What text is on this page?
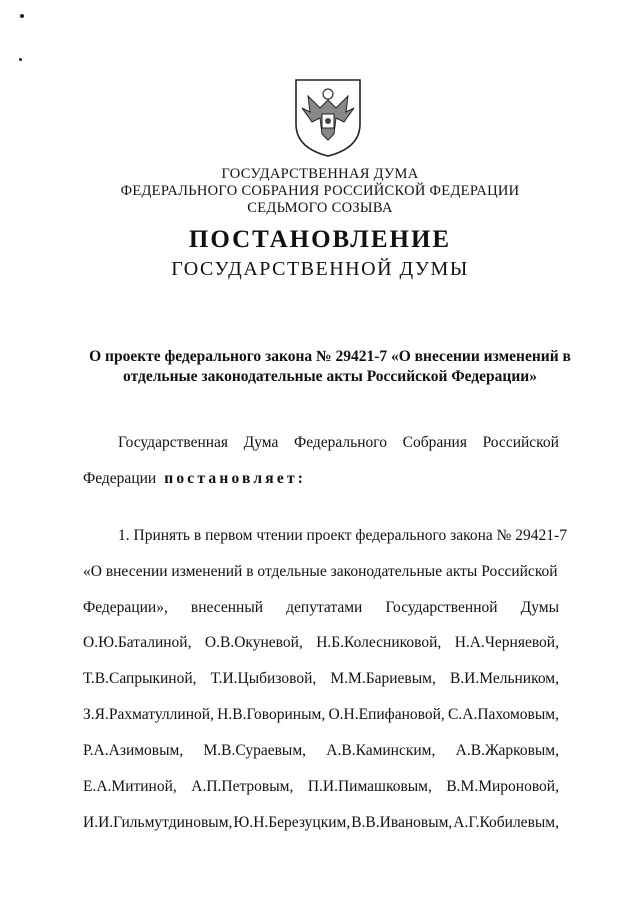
ГОСУДАРСТВЕННАЯ ДУМА
ФЕДЕРАЛЬНОГО СОБРАНИЯ РОССИЙСКОЙ ФЕДЕРАЦИИ
СЕДЬМОГО СОЗЫВА
ПОСТАНОВЛЕНИЕ
ГОСУДАРСТВЕННОЙ ДУМЫ
О проекте федерального закона № 29421-7 «О внесении изменений в
отдельные законодательные акты Российской Федерации»
Государственная Дума Федерального Собрания Российской
Федерации постановляет:
1. Принять в первом чтении проект федерального закона № 29421-7
«О внесении изменений в отдельные законодательные акты Российской
Федерации», внесенный депутатами Государственной Думы
О.Ю.Баталиной, О.В.Окуневой, Н.Б.Колесниковой, Н.А.Черняевой,
Т.В.Сапрыкиной, Т.И.Цыбизовой, М.М.Бариевым, В.И.Мельником,
З.Я.Рахматуллиной, Н.В.Говориным, О.Н.Епифановой, С.А.Пахомовым,
Р.А.Азимовым, М.В.Сураевым, А.В.Каминским, А.В.Жарковым,
Е.А.Митиной, А.П.Петровым, П.И.Пимашковым, В.М.Мироновой,
И.И.Гильмутдиновым, Ю.Н.Березуцким, В.В.Ивановым, А.Г.Кобилевым,
